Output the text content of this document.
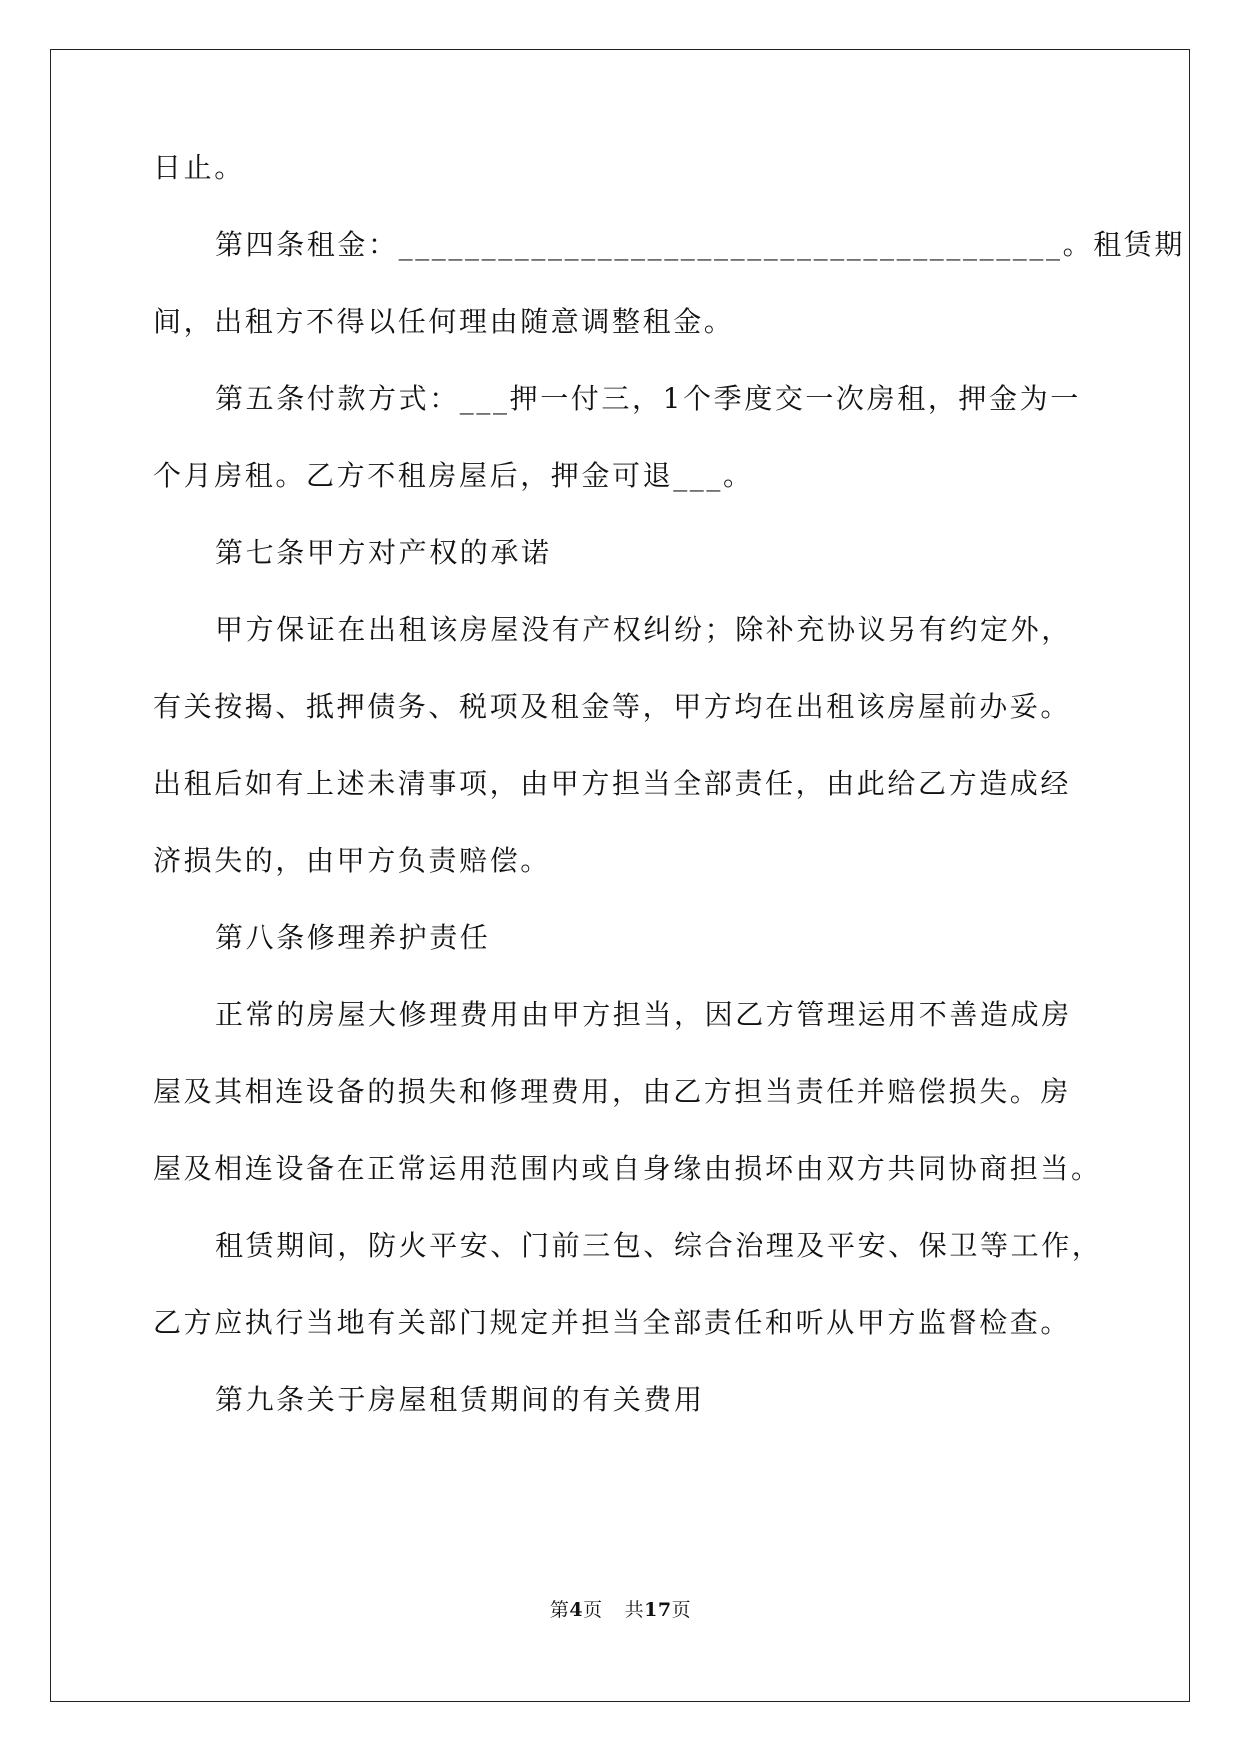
日止。
第四条租金：________________________________________。租赁期
间，出租方不得以任何理由随意调整租金。
第五条付款方式：___押一付三，1个季度交一次房租，押金为一
个月房租。乙方不租房屋后，押金可退___。
第七条甲方对产权的承诺
甲方保证在出租该房屋没有产权纠纷；除补充协议另有约定外，
有关按揭、抵押债务、税项及租金等，甲方均在出租该房屋前办妥。
出租后如有上述未清事项，由甲方担当全部责任，由此给乙方造成经
济损失的，由甲方负责赔偿。
第八条修理养护责任
正常的房屋大修理费用由甲方担当，因乙方管理运用不善造成房
屋及其相连设备的损失和修理费用，由乙方担当责任并赔偿损失。房
屋及相连设备在正常运用范围内或自身缘由损坏由双方共同协商担当。
租赁期间，防火平安、门前三包、综合治理及平安、保卫等工作，
乙方应执行当地有关部门规定并担当全部责任和听从甲方监督检查。
第九条关于房屋租赁期间的有关费用
第4页 共17页
